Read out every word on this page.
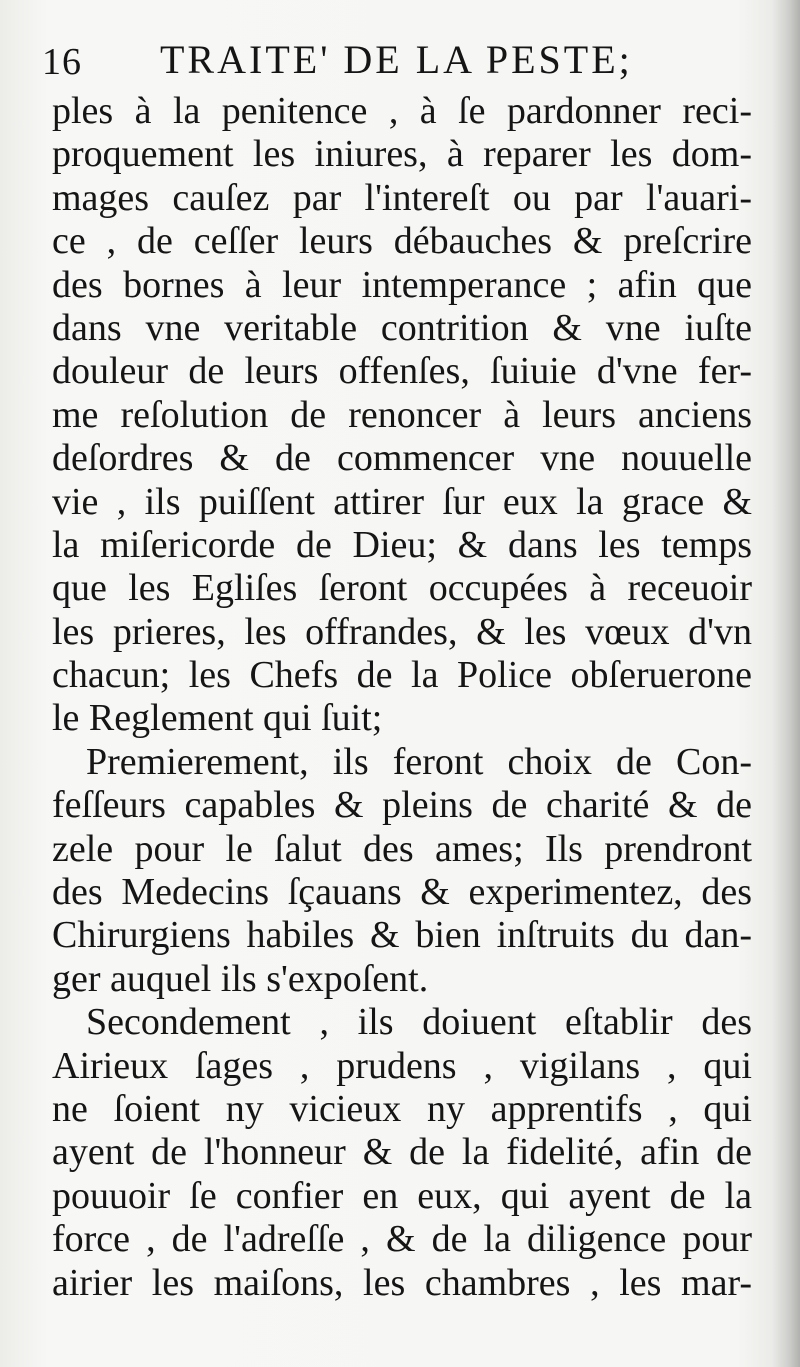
16 TRAITE' DE LA PESTE;
ples à la penitence , à ſe pardonner reci-
proquement les iniures, à reparer les dom-
mages cauſez par l'intereſt ou par l'auari-
ce , de ceſſer leurs débauches & preſcrire
des bornes à leur intemperance ; afin que
dans vne veritable contrition & vne iuſte
douleur de leurs offenſes, ſuiuie d'vne fer-
me reſolution de renoncer à leurs anciens
deſordres & de commencer vne nouuelle
vie , ils puiſſent attirer ſur eux la grace &
la miſericorde de Dieu; & dans les temps
que les Egliſes ſeront occupées à receuoir
les prieres, les offrandes, & les vœux d'vn
chacun; les Chefs de la Police obſeruerone
le Reglement qui ſuit;
Premierement, ils feront choix de Con-
feſſeurs capables & pleins de charité & de
zele pour le ſalut des ames; Ils prendront
des Medecins ſçauans & experimentez, des
Chirurgiens habiles & bien inſtruits du dan-
ger auquel ils s'expoſent.
Secondement , ils doiuent eſtablir des
Airieux ſages , prudens , vigilans , qui
ne ſoient ny vicieux ny apprentifs , qui
ayent de l'honneur & de la fidelité, afin de
pouuoir ſe confier en eux, qui ayent de la
force , de l'adreſſe , & de la diligence pour
airier les maiſons, les chambres , les mar-
